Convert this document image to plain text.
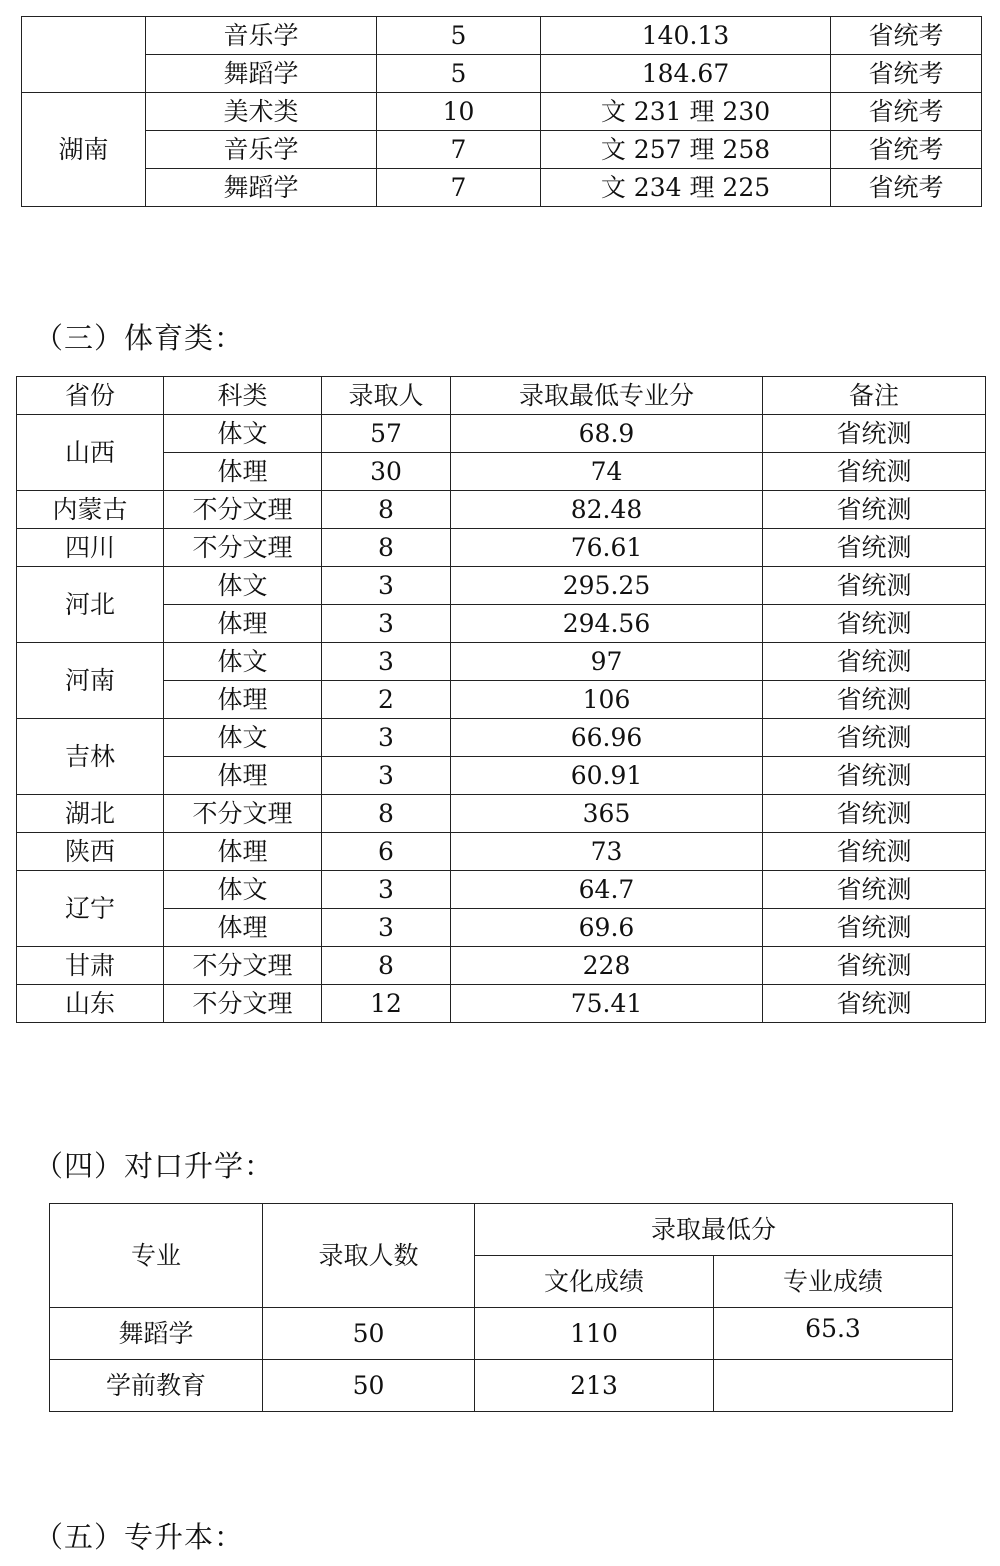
	音乐学	5	140.13	省统考
	舞蹈学	5	184.67	省统考
湖南	美术类	10	文 231 理 230	省统考
	音乐学	7	文 257 理 258	省统考
	舞蹈学	7	文 234 理 225	省统考
（三）体育类：
省份	科类	录取人	录取最低专业分	备注
山西	体文	57	68.9	省统测
	体理	30	74	省统测
内蒙古	不分文理	8	82.48	省统测
四川	不分文理	8	76.61	省统测
河北	体文	3	295.25	省统测
	体理	3	294.56	省统测
河南	体文	3	97	省统测
	体理	2	106	省统测
吉林	体文	3	66.96	省统测
	体理	3	60.91	省统测
湖北	不分文理	8	365	省统测
陕西	体理	6	73	省统测
辽宁	体文	3	64.7	省统测
	体理	3	69.6	省统测
甘肃	不分文理	8	228	省统测
山东	不分文理	12	75.41	省统测
（四）对口升学：
专业	录取人数	录取最低分	
		文化成绩	专业成绩
舞蹈学	50	110	65.3
学前教育	50	213	
（五）专升本：
